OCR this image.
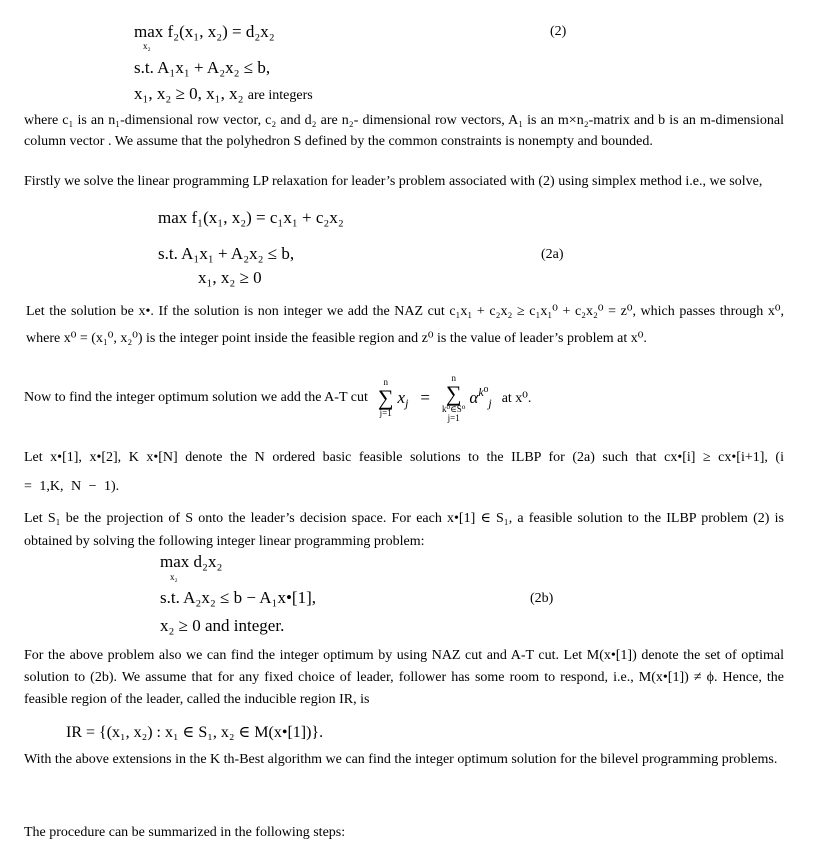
max f₂(x₁, x₂) = d₂x₂
x₂
(2)
s.t. A₁x₁ + A₂x₂ ≤ b,
x₁, x₂ ≥ 0, x₁, x₂ are integers
where c₁ is an n₁-dimensional row vector, c₂ and d₂ are n₂- dimensional row vectors, A₁ is an m×n₂-matrix and b is an m-dimensional column vector . We assume that the polyhedron S defined by the common constraints is nonempty and bounded.
Firstly we solve the linear programming LP relaxation for leader’s problem associated with (2) using simplex method i.e., we solve,
max f₁(x₁, x₂) = c₁x₁ + c₂x₂
s.t. A₁x₁ + A₂x₂ ≤ b,	(2a)
x₁, x₂ ≥ 0
Let the solution be x•. If the solution is non integer we add the NAZ cut c₁x₁ + c₂x₂ ≥ c₁x₁⁰ + c₂x₂⁰ = z⁰, which passes through x⁰, where x⁰ = (x₁⁰, x₂⁰) is the integer point inside the feasible region and z⁰ is the value of leader’s problem at x⁰.
Now to find the integer optimum solution we add the A-T cut
n
∑
j=1
$x_j$ =
n
∑
k⁰∈S⁰
j=1
$\alpha^{k^0}_j$ at x⁰.
Let x•[1], x•[2], K x•[N] denote the N ordered basic feasible solutions to the ILBP for (2a) such that cx•[i] ≥ cx•[i+1], (i = 1,K, N − 1).
Let S₁ be the projection of S onto the leader’s decision space. For each x•[1] ∈ S₁, a feasible solution to the ILBP problem (2) is obtained by solving the following integer linear programming problem:
max d₂x₂
x₂
s.t. A₂x₂ ≤ b − A₁x•[1],	(2b)
x₂ ≥ 0 and integer.
For the above problem also we can find the integer optimum by using NAZ cut and A-T cut. Let M(x•[1]) denote the set of optimal solution to (2b). We assume that for any fixed choice of leader, follower has some room to respond, i.e., M(x•[1]) ≠ ϕ. Hence, the feasible region of the leader, called the inducible region IR, is
IR = {(x₁, x₂) : x₁ ∈ S₁, x₂ ∈ M(x•[1])}.
With the above extensions in the K th-Best algorithm we can find the integer optimum solution for the bilevel programming problems.
The procedure can be summarized in the following steps:
